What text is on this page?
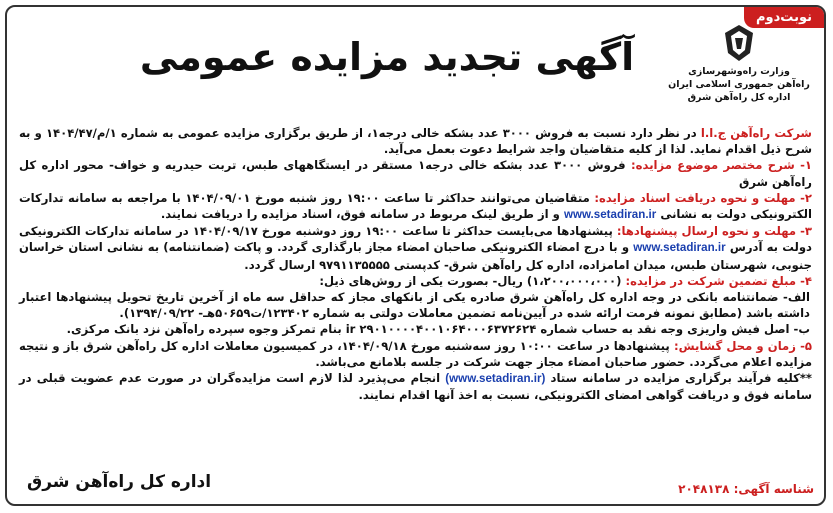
نوبت‌دوم
وزارت راه‌وشهرسازی
راه‌آهن جمهوری اسلامی ایران
اداره کل راه‌آهن شرق
آگهی تجدید مزایده عمومی

شرکت راه‌آهن ج.ا.ا در نظر دارد نسبت به فروش ۳۰۰۰ عدد بشکه خالی درجه۱، از طریق برگزاری مزایده عمومی به شماره ۱/م/۱۴۰۴/۴۷ و به شرح ذیل اقدام نماید. لذا از کلیه متقاضیان واجد شرایط دعوت بعمل می‌آید.

۱- شرح مختصر موضوع مزایده: فروش ۳۰۰۰ عدد بشکه خالی درجه۱ مستقر در ایستگاههای طبس، تربت حیدریه و خواف- محور اداره کل راه‌آهن شرق

۲- مهلت و نحوه دریافت اسناد مزایده: متقاضیان می‌توانند حداکثر تا ساعت ۱۹:۰۰ روز شنبه مورخ ۱۴۰۴/۰۹/۰۱ با مراجعه به سامانه تدارکات الکترونیکی دولت به نشانی www.setadiran.ir و از طریق لینک مربوط در سامانه فوق، اسناد مزایده را دریافت نمایند.

۳- مهلت و نحوه ارسال پیشنهادها: پیشنهادها می‌بایست حداکثر تا ساعت ۱۹:۰۰ روز دوشنبه مورخ ۱۴۰۴/۰۹/۱۷ در سامانه تدارکات الکترونیکی دولت به آدرس www.setadiran.ir و با درج امضاء الکترونیکی صاحبان امضاء مجاز بارگذاری گردد. و پاکت (ضمانتنامه) به نشانی استان خراسان جنوبی، شهرستان طبس، میدان امامزاده، اداره کل راه‌آهن شرق- کدپستی ۹۷۹۱۱۳۵۵۵۵ ارسال گردد.

۴- مبلغ تضمین شرکت در مزایده: (۱،۲۰۰،۰۰۰،۰۰۰) ریال- بصورت یکی از روش‌های ذیل:

الف- ضمانتنامه بانکی در وجه اداره کل راه‌آهن شرق صادره یکی از بانکهای مجاز که حداقل سه ماه از آخرین تاریخ تحویل پیشنهادها اعتبار داشته باشد (مطابق نمونه فرمت ارائه شده در آیین‌نامه تضمین معاملات دولتی به شماره ۱۲۳۴۰۲/ت۵۰۶۵۹هـ- ۱۳۹۴/۰۹/۲۲).

ب- اصل فیش واریزی وجه نقد به حساب شماره ir ۲۹۰۱۰۰۰۰۴۰۰۱۰۶۴۰۰۰۶۳۷۲۶۲۴ بنام تمرکز وجوه سپرده راه‌آهن نزد بانک مرکزی.

۵- زمان و محل گشایش: پیشنهادها در ساعت ۱۰:۰۰ روز سه‌شنبه مورخ ۱۴۰۴/۰۹/۱۸، در کمیسیون معاملات اداره کل راه‌آهن شرق باز و نتیجه مزایده اعلام می‌گردد. حضور صاحبان امضاء مجاز جهت شرکت در جلسه بلامانع می‌باشد.

**کلیه فرآیند برگزاری مزایده در سامانه ستاد (www.setadiran.ir) انجام می‌پذیرد لذا لازم است مزایده‌گران در صورت عدم عضویت قبلی در سامانه فوق و دریافت گواهی امضای الکترونیکی، نسبت به اخذ آنها اقدام نمایند.

شناسه آگهی: ۲۰۴۸۱۳۸
اداره کل راه‌آهن شرق
